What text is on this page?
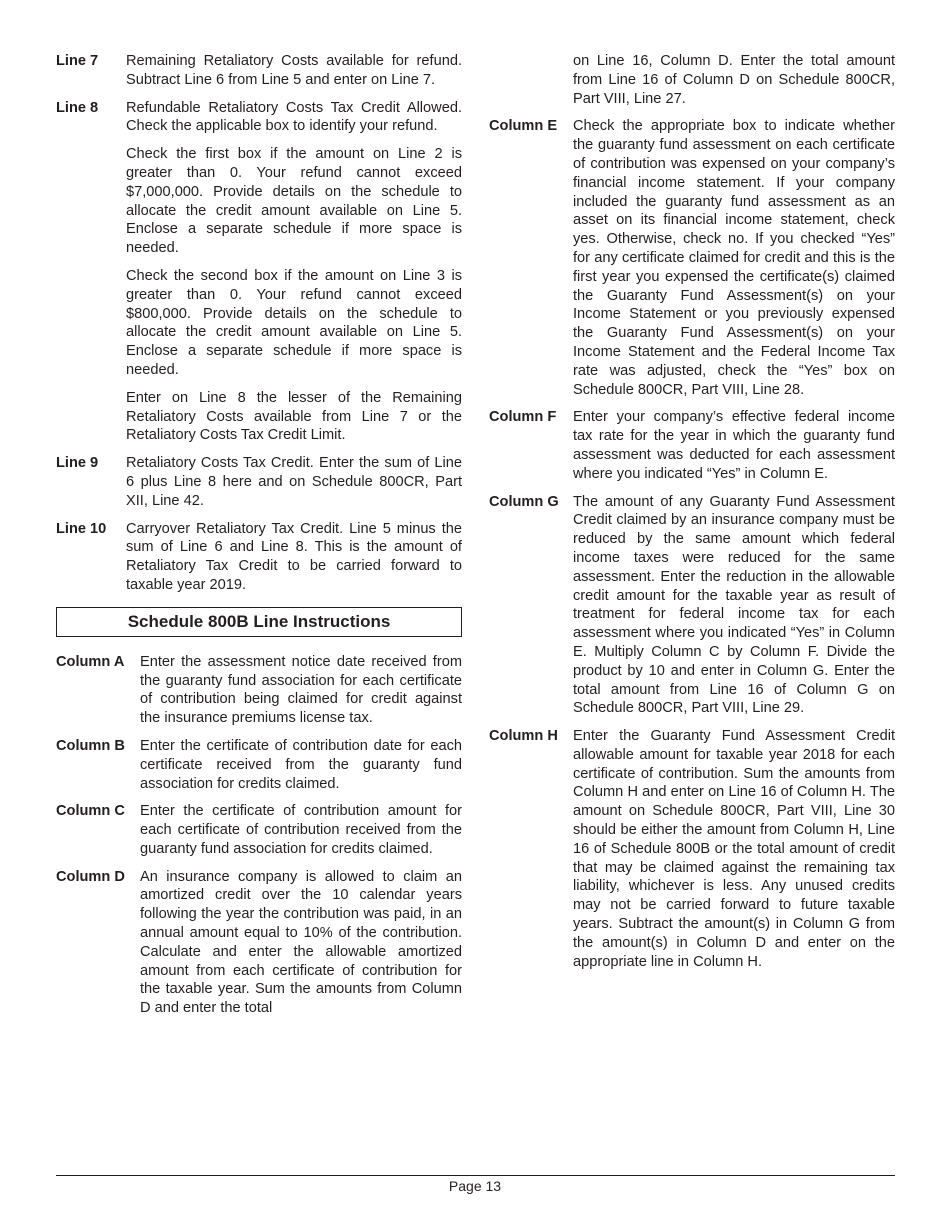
Line 7	Remaining Retaliatory Costs available for refund. Subtract Line 6 from Line 5 and enter on Line 7.

Line 8	Refundable Retaliatory Costs Tax Credit Allowed. Check the applicable box to identify your refund.

Check the first box if the amount on Line 2 is greater than 0. Your refund cannot exceed $7,000,000. Provide details on the schedule to allocate the credit amount available on Line 5. Enclose a separate schedule if more space is needed.

Check the second box if the amount on Line 3 is greater than 0. Your refund cannot exceed $800,000. Provide details on the schedule to allocate the credit amount available on Line 5. Enclose a separate schedule if more space is needed.

Enter on Line 8 the lesser of the Remaining Retaliatory Costs available from Line 7 or the Retaliatory Costs Tax Credit Limit.

Line 9	Retaliatory Costs Tax Credit. Enter the sum of Line 6 plus Line 8 here and on Schedule 800CR, Part XII, Line 42.

Line 10	Carryover Retaliatory Tax Credit. Line 5 minus the sum of Line 6 and Line 8. This is the amount of Retaliatory Tax Credit to be carried forward to taxable year 2019.

Schedule 800B Line Instructions
Column A	Enter the assessment notice date received from the guaranty fund association for each certificate of contribution being claimed for credit against the insurance premiums license tax.

Column B	Enter the certificate of contribution date for each certificate received from the guaranty fund association for credits claimed.

Column C	Enter the certificate of contribution amount for each certificate of contribution received from the guaranty fund association for credits claimed.

Column D	An insurance company is allowed to claim an amortized credit over the 10 calendar years following the year the contribution was paid, in an annual amount equal to 10% of the contribution. Calculate and enter the allowable amortized amount from each certificate of contribution for the taxable year. Sum the amounts from Column D and enter the total

on Line 16, Column D. Enter the total amount from Line 16 of Column D on Schedule 800CR, Part VIII, Line 27.

Column E	Check the appropriate box to indicate whether the guaranty fund assessment on each certificate of contribution was expensed on your company’s financial income statement. If your company included the guaranty fund assessment as an asset on its financial income statement, check yes. Otherwise, check no. If you checked “Yes” for any certificate claimed for credit and this is the first year you expensed the certificate(s) claimed the Guaranty Fund Assessment(s) on your Income Statement or you previously expensed the Guaranty Fund Assessment(s) on your Income Statement and the Federal Income Tax rate was adjusted, check the “Yes” box on Schedule 800CR, Part VIII, Line 28.

Column F	Enter your company’s effective federal income tax rate for the year in which the guaranty fund assessment was deducted for each assessment where you indicated “Yes” in Column E.

Column G The amount of any Guaranty Fund Assessment Credit claimed by an insurance company must be reduced by the same amount which federal income taxes were reduced for the same assessment. Enter the reduction in the allowable credit amount for the taxable year as result of treatment for federal income tax for each assessment where you indicated “Yes” in Column E. Multiply Column C by Column F. Divide the product by 10 and enter in Column G. Enter the total amount from Line 16 of Column G on Schedule 800CR, Part VIII, Line 29.

Column H	Enter the Guaranty Fund Assessment Credit allowable amount for taxable year 2018 for each certificate of contribution. Sum the amounts from Column H and enter on Line 16 of Column H. The amount on Schedule 800CR, Part VIII, Line 30 should be either the amount from Column H, Line 16 of Schedule 800B or the total amount of credit that may be claimed against the remaining tax liability, whichever is less. Any unused credits may not be carried forward to future taxable years. Subtract the amount(s) in Column G from the amount(s) in Column D and enter on the appropriate line in Column H.

Page 13
